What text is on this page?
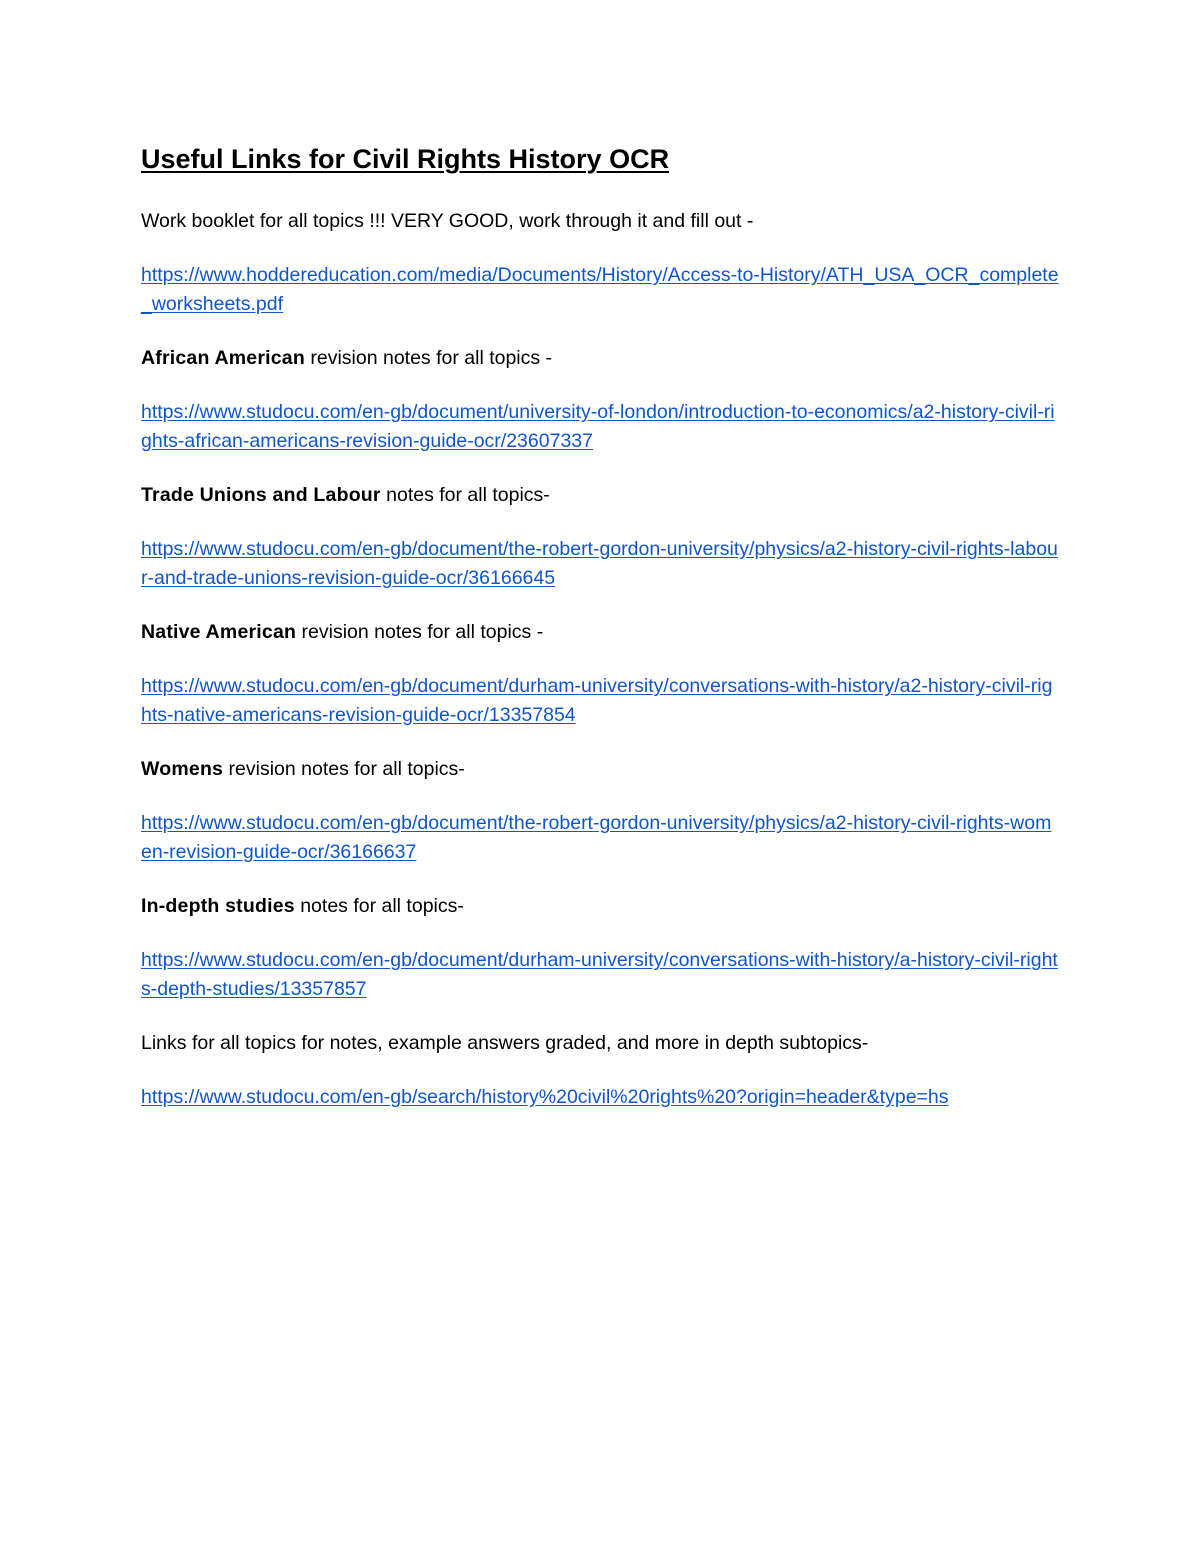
Useful Links for Civil Rights History OCR

Work booklet for all topics !!! VERY GOOD, work through it and fill out -

https://www.hoddereducation.com/media/Documents/History/Access-to-History/ATH_USA_OCR_complete_worksheets.pdf

African American revision notes for all topics -

https://www.studocu.com/en-gb/document/university-of-london/introduction-to-economics/a2-history-civil-rights-african-americans-revision-guide-ocr/23607337

Trade Unions and Labour notes for all topics-

https://www.studocu.com/en-gb/document/the-robert-gordon-university/physics/a2-history-civil-rights-labour-and-trade-unions-revision-guide-ocr/36166645

Native American revision notes for all topics -

https://www.studocu.com/en-gb/document/durham-university/conversations-with-history/a2-history-civil-rights-native-americans-revision-guide-ocr/13357854

Womens revision notes for all topics-

https://www.studocu.com/en-gb/document/the-robert-gordon-university/physics/a2-history-civil-rights-women-revision-guide-ocr/36166637

In-depth studies notes for all topics-

https://www.studocu.com/en-gb/document/durham-university/conversations-with-history/a-history-civil-rights-depth-studies/13357857

Links for all topics for notes, example answers graded, and more in depth subtopics-

https://www.studocu.com/en-gb/search/history%20civil%20rights%20?origin=header&type=hs
